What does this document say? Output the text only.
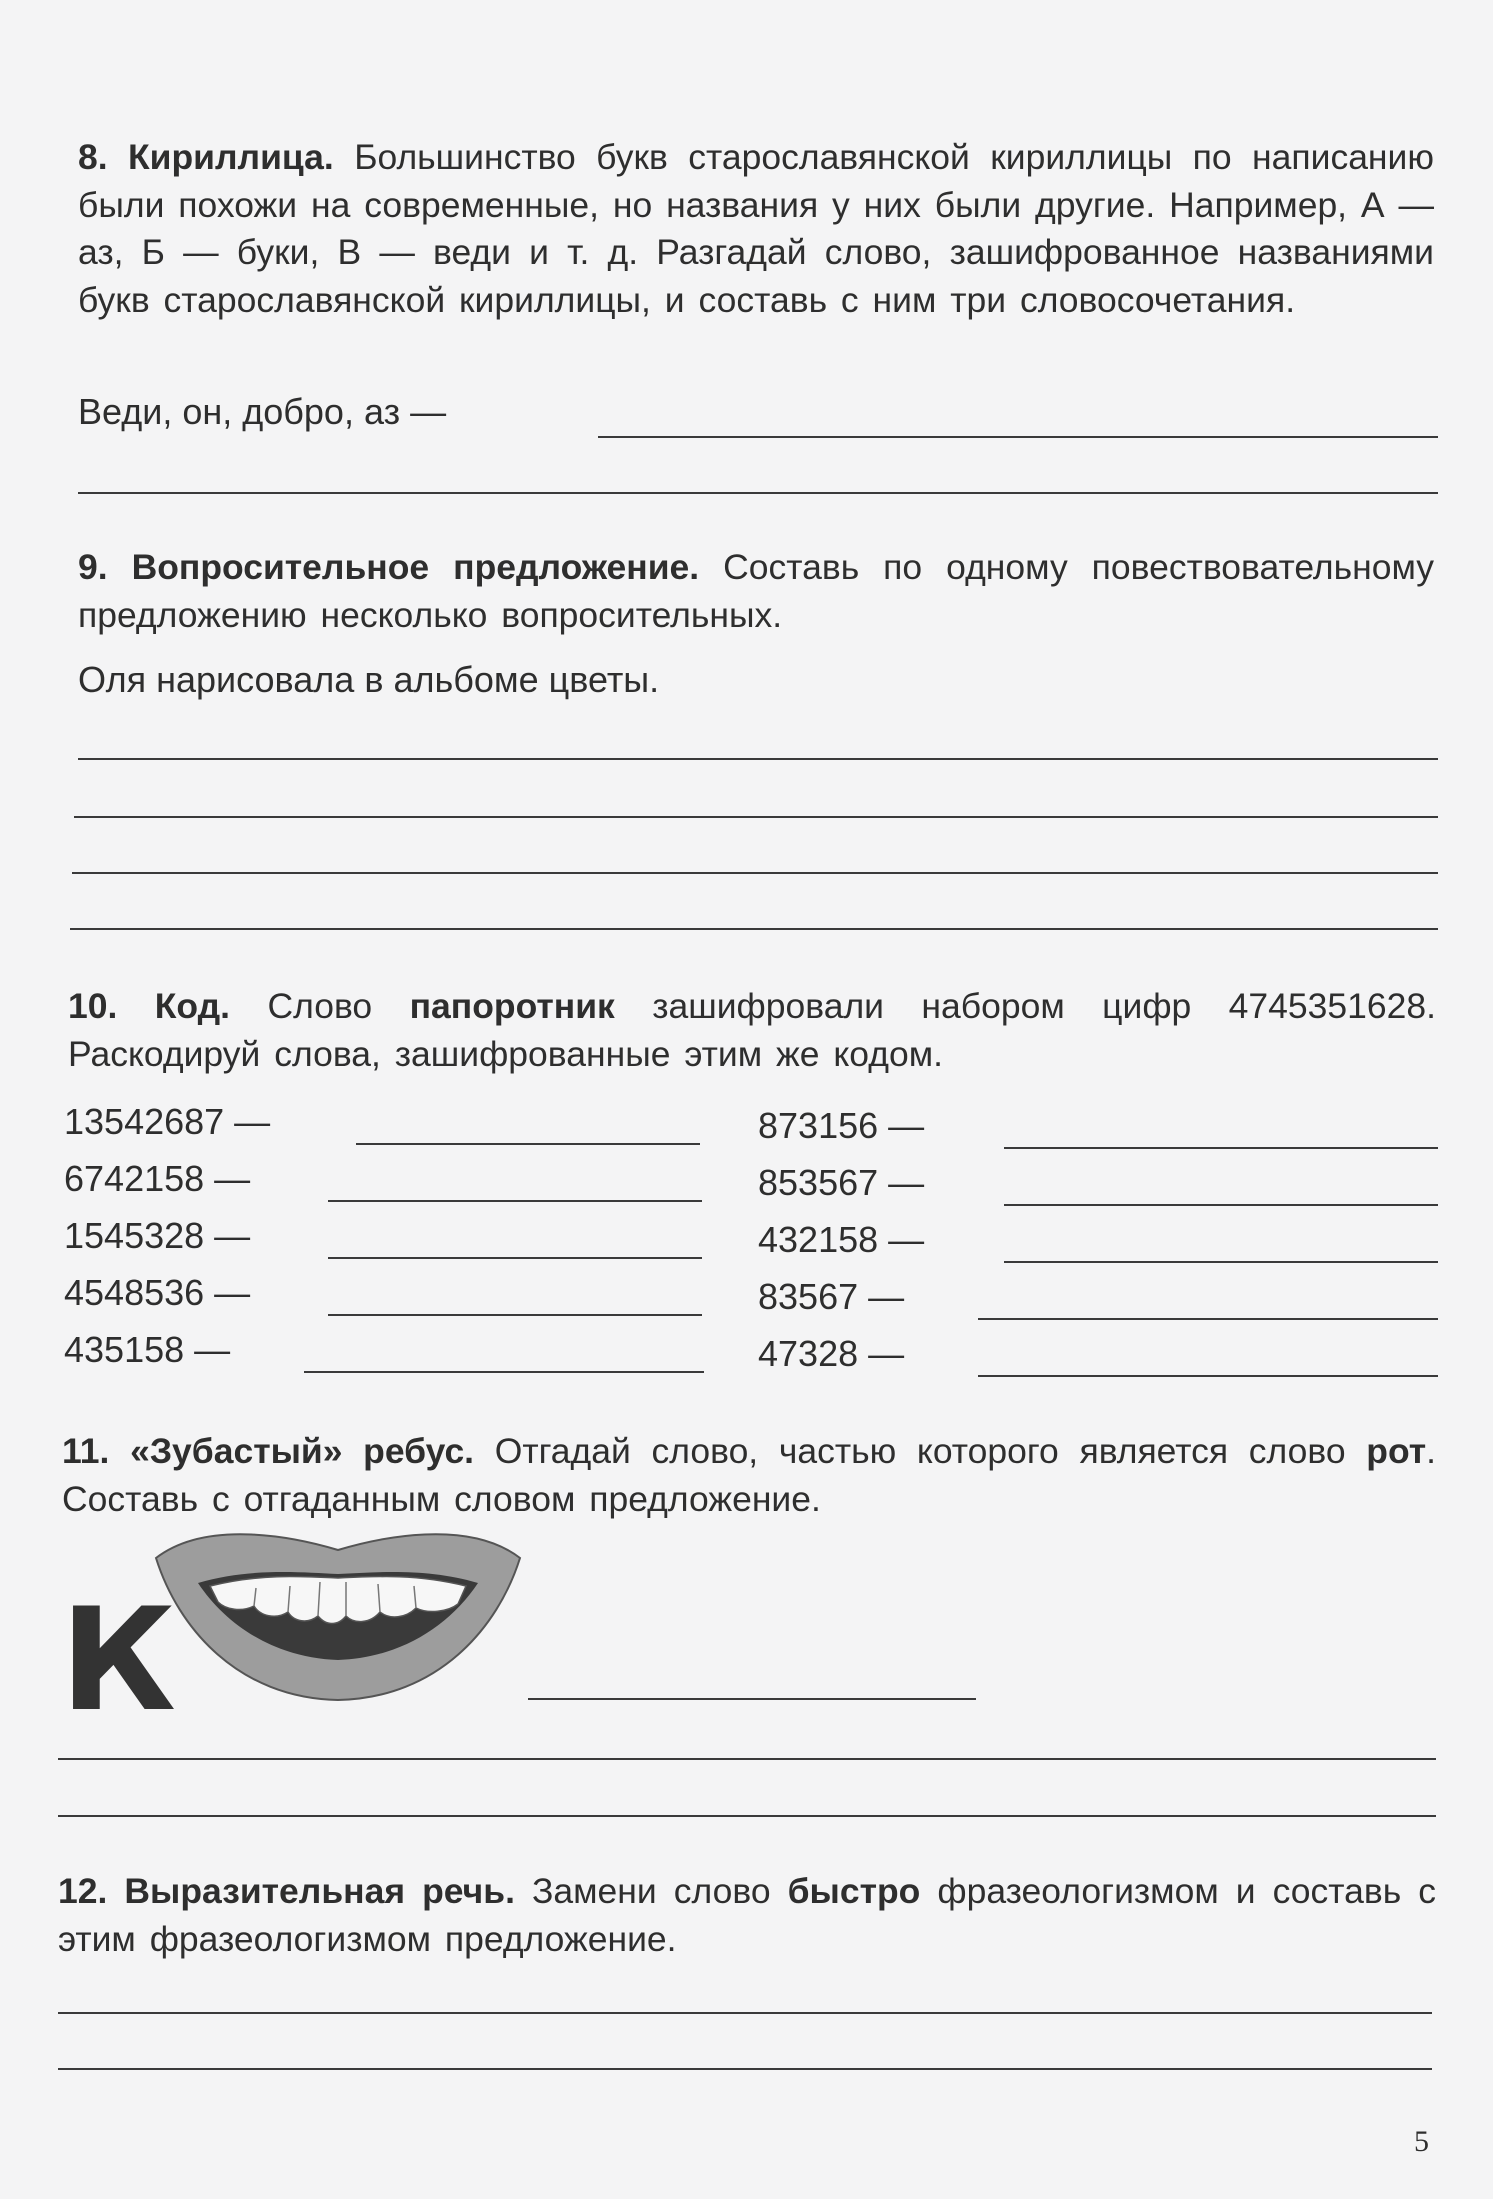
8. Кириллица. Большинство букв старославянской кириллицы по написанию были похожи на современные, но названия у них были другие. Например, А — аз, Б — буки, В — веди и т. д. Разгадай слово, зашифрованное названиями букв старославянской кириллицы, и составь с ним три словосочетания.

Веди, он, добро, аз —

9. Вопросительное предложение. Составь по одному повествовательному предложению несколько вопросительных.

Оля нарисовала в альбоме цветы.

10. Код. Слово папоротник зашифровали набором цифр 4745351628. Раскодируй слова, зашифрованные этим же кодом.

13542687 —
6742158 —
1545328 —
4548536 —
435158 —
873156 —
853567 —
432158 —
83567 —
47328 —

11. «Зубастый» ребус. Отгадай слово, частью которого является слово рот. Составь с отгаданным словом предложение.

К

12. Выразительная речь. Замени слово быстро фразеологизмом и составь с этим фразеологизмом предложение.

5
